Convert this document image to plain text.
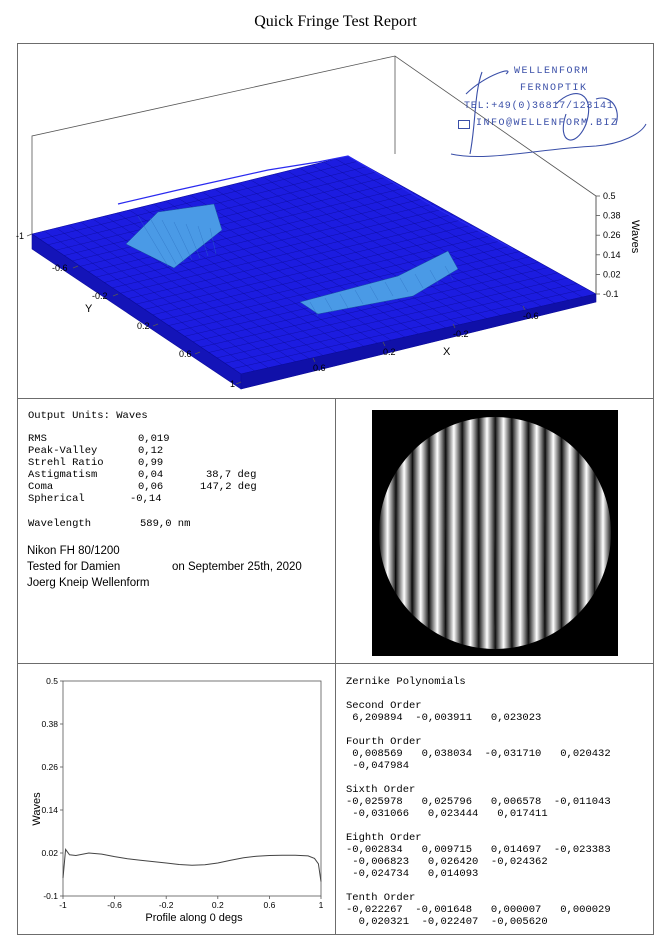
Quick Fringe Test Report
0.5
0.38
0.26
0.14
0.02
-0.1
-1
-0.6
-0.2
0.2
0.6
1
-0.6
-0.2
0.2
0.6
Waves
Y
X
WELLENFORM
FERNOPTIK
TEL:+49(0)36817/123141
INFO@WELLENFORM.BIZ
Output Units: Waves
RMS	0,019
Peak-Valley	0,12
Strehl Ratio	0,99
Astigmatism	0,04	38,7 deg
Coma	0,06	147,2 deg
Spherical	-0,14
Wavelength	589,0 nm
Nikon FH 80/1200
Tested for Damien	on September 25th, 2020
Joerg Kneip Wellenform
0.5
0.38
0.26
0.14
0.02
-0.1
-1	-0.6	-0.2	0.2	0.6	1
Waves
Profile along 0 degs
Zernike Polynomials
Second Order
6,209894  -0,003911   0,023023
Fourth Order
0,008569   0,038034  -0,031710   0,020432
-0,047984
Sixth Order
-0,025978   0,025796   0,006578  -0,011043
-0,031066   0,023444   0,017411
Eighth Order
-0,002834   0,009715   0,014697  -0,023383
-0,006823   0,026420  -0,024362
-0,024734   0,014093
Tenth Order
-0,022267  -0,001648   0,000007   0,000029
0,020321  -0,022407  -0,005620
